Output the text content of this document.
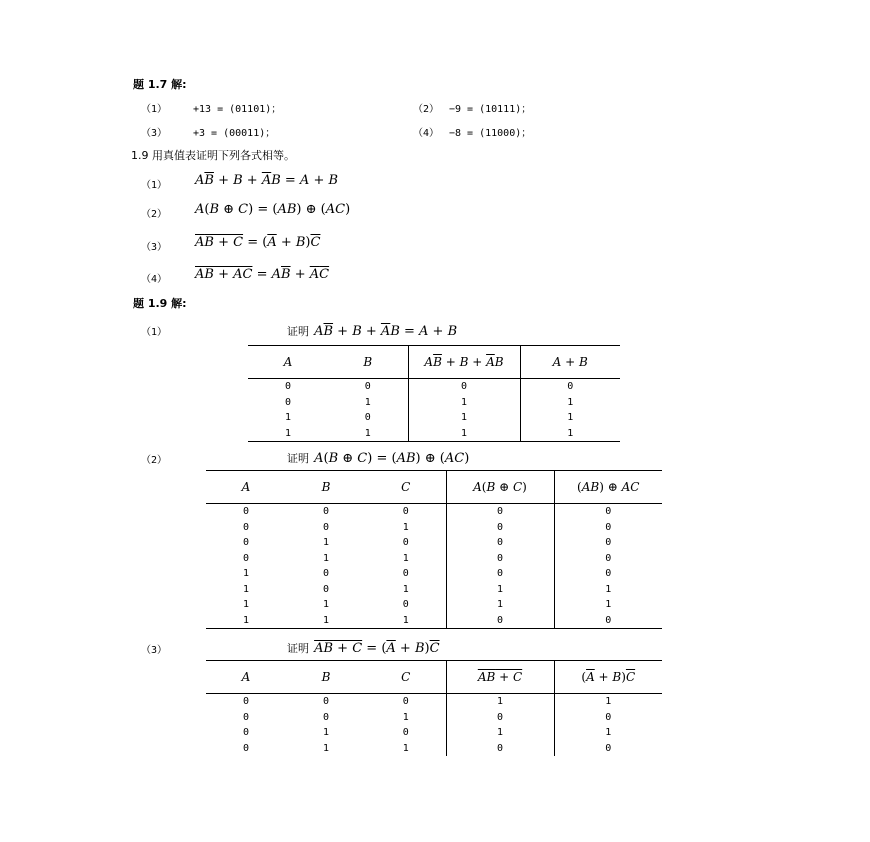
题 1.7 解:
（1）	+13 = (01101)；	（2） −9 = (10111)；
（3）	+3 = (00011)；	（4） −8 = (11000)；
1.9 用真值表证明下列各式相等。
（1） $A\overline{B} + B + \overline{A}B = A + B$
（2） A(B ⊕ C) = (AB) ⊕ (AC)
（3） AB + $C = (\overline{A} + B)\overline{C}$
（4） AB + AC = $A\overline{B} + \overline{A}\overline{C}$
题 1.9 解:
（1）	证明 $A\overline{B} + B + \overline{A}B = A + B$
A	B	$A\overline{B} + B + \overline{A}B$	A + B
0	0	0	0
0	1	1	1
1	0	1	1
1	1	1	1
（2）	证明 A(B ⊕ C) = (AB) ⊕ (AC)
A	B	C	A(B ⊕ C)	(AB) ⊕ AC
0	0	0	0	0
0	0	1	0	0
0	1	0	0	0
0	1	1	0	0
1	0	0	0	0
1	0	1	1	1
1	1	0	1	1
1	1	1	0	0
（3）	证明 AB + $C = (\overline{A} + B)\overline{C}$
A	B	C	AB + C	$(\overline{A} + B)\overline{C}$
0	0	0	1	1
0	0	1	0	0
0	1	0	1	1
0	1	1	0	0
